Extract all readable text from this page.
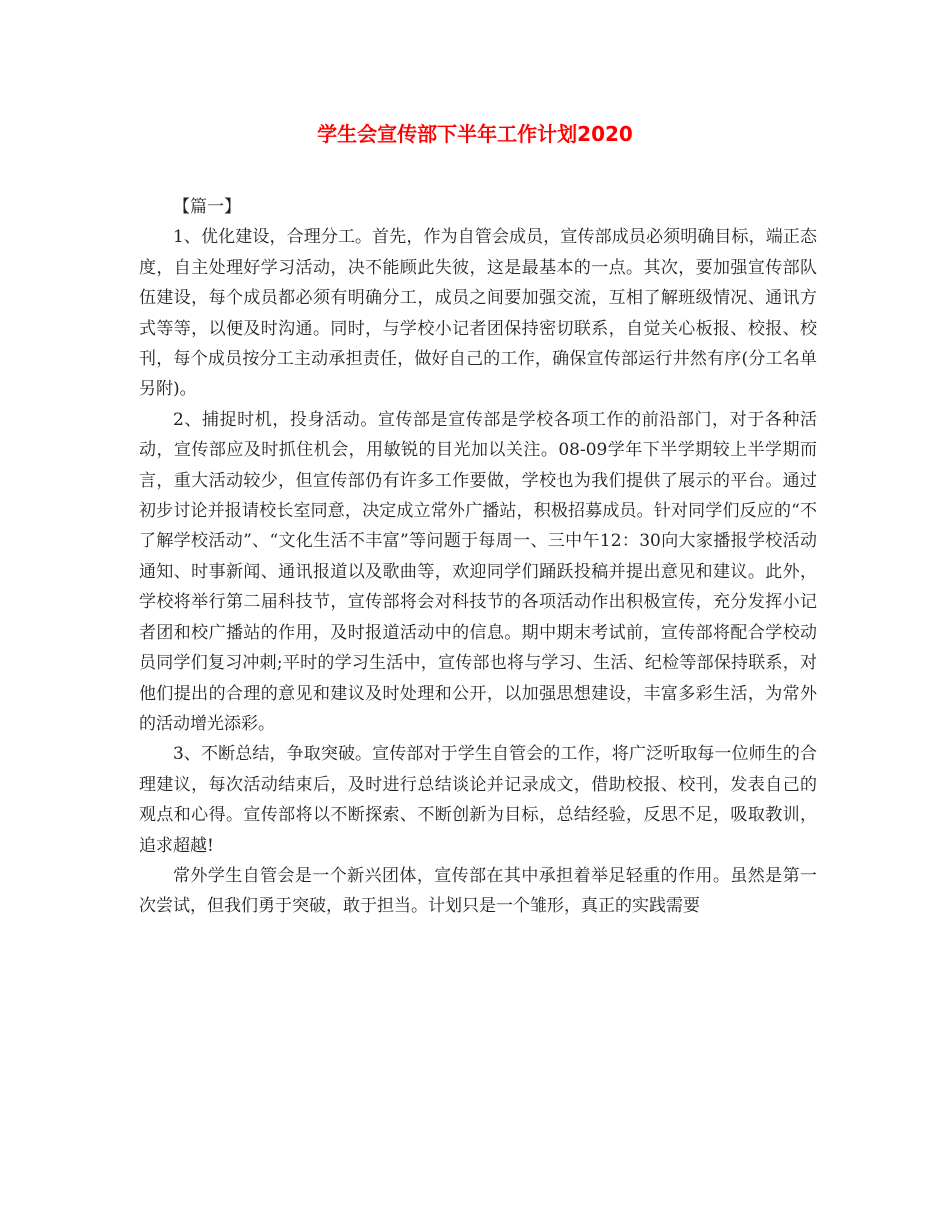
学生会宣传部下半年工作计划2020

【篇一】

1、优化建设，合理分工。首先，作为自管会成员，宣传部成员必须明确目标，端正态度，自主处理好学习活动，决不能顾此失彼，这是最基本的一点。其次，要加强宣传部队伍建设，每个成员都必须有明确分工，成员之间要加强交流，互相了解班级情况、通讯方式等等，以便及时沟通。同时，与学校小记者团保持密切联系，自觉关心板报、校报、校刊，每个成员按分工主动承担责任，做好自己的工作，确保宣传部运行井然有序(分工名单另附)。

2、捕捉时机，投身活动。宣传部是宣传部是学校各项工作的前沿部门，对于各种活动，宣传部应及时抓住机会，用敏锐的目光加以关注。08-09学年下半学期较上半学期而言，重大活动较少，但宣传部仍有许多工作要做，学校也为我们提供了展示的平台。通过初步讨论并报请校长室同意，决定成立常外广播站，积极招募成员。针对同学们反应的“不了解学校活动”、“文化生活不丰富”等问题于每周一、三中午12：30向大家播报学校活动通知、时事新闻、通讯报道以及歌曲等，欢迎同学们踊跃投稿并提出意见和建议。此外，学校将举行第二届科技节，宣传部将会对科技节的各项活动作出积极宣传，充分发挥小记者团和校广播站的作用，及时报道活动中的信息。期中期末考试前，宣传部将配合学校动员同学们复习冲刺;平时的学习生活中，宣传部也将与学习、生活、纪检等部保持联系，对他们提出的合理的意见和建议及时处理和公开，以加强思想建设，丰富多彩生活，为常外的活动增光添彩。

3、不断总结，争取突破。宣传部对于学生自管会的工作，将广泛听取每一位师生的合理建议，每次活动结束后，及时进行总结谈论并记录成文，借助校报、校刊，发表自己的观点和心得。宣传部将以不断探索、不断创新为目标，总结经验，反思不足，吸取教训，追求超越!

常外学生自管会是一个新兴团体，宣传部在其中承担着举足轻重的作用。虽然是第一次尝试，但我们勇于突破，敢于担当。计划只是一个雏形，真正的实践需要
